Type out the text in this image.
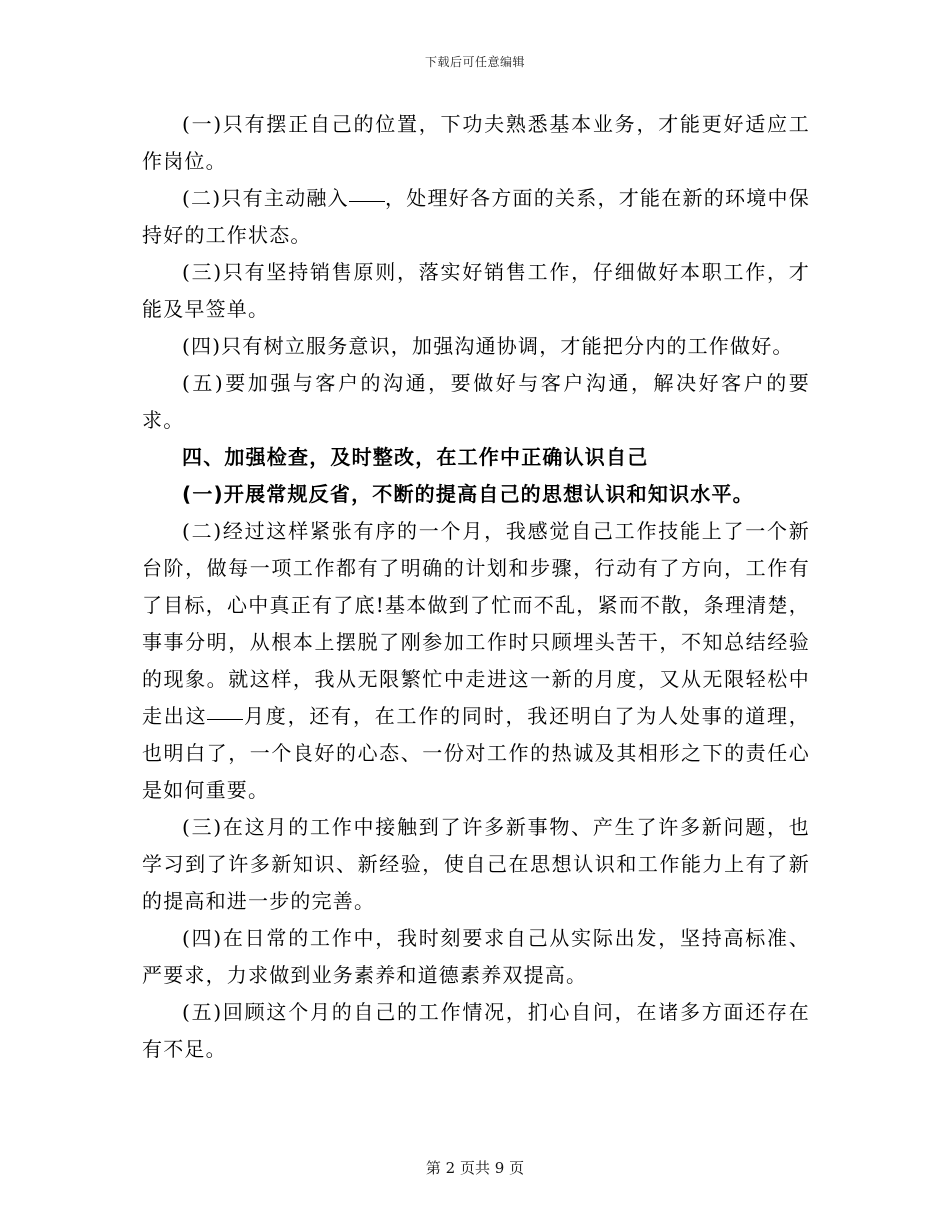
下载后可任意编辑

(一)只有摆正自己的位置，下功夫熟悉基本业务，才能更好适应工作岗位。

(二)只有主动融入 ，处理好各方面的关系，才能在新的环境中保持好的工作状态。

(三)只有坚持销售原则，落实好销售工作，仔细做好本职工作，才能及早签单。

(四)只有树立服务意识，加强沟通协调，才能把分内的工作做好。

(五)要加强与客户的沟通，要做好与客户沟通，解决好客户的要求。

四、加强检查，及时整改，在工作中正确认识自己

(一)开展常规反省，不断的提高自己的思想认识和知识水平。

(二)经过这样紧张有序的一个月，我感觉自己工作技能上了一个新台阶，做每一项工作都有了明确的计划和步骤，行动有了方向，工作有了目标，心中真正有了底!基本做到了忙而不乱，紧而不散，条理清楚，事事分明，从根本上摆脱了刚参加工作时只顾埋头苦干，不知总结经验的现象。就这样，我从无限繁忙中走进这一新的月度，又从无限轻松中走出这 月度，还有，在工作的同时，我还明白了为人处事的道理，也明白了，一个良好的心态、一份对工作的热诚及其相形之下的责任心是如何重要。

(三)在这月的工作中接触到了许多新事物、产生了许多新问题，也学习到了许多新知识、新经验，使自己在思想认识和工作能力上有了新的提高和进一步的完善。

(四)在日常的工作中，我时刻要求自己从实际出发，坚持高标准、严要求，力求做到业务素养和道德素养双提高。

(五)回顾这个月的自己的工作情况，扪心自问，在诸多方面还存在有不足。

第 2 页共 9 页
